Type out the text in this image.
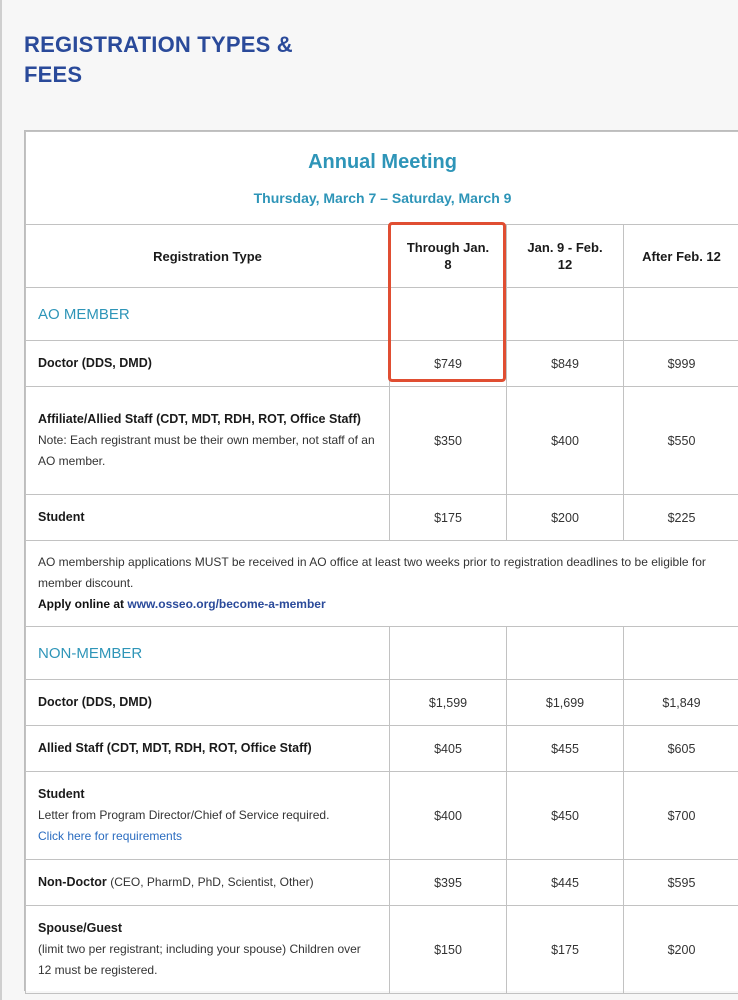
REGISTRATION TYPES & FEES
Annual Meeting
Thursday, March 7 – Saturday, March 9			

Registration Type	Through Jan. 8	Jan. 9 - Feb. 12	After Feb. 12
AO MEMBER			
Doctor (DDS, DMD)	$749	$849	$999
Affiliate/Allied Staff (CDT, MDT, RDH, ROT, Office Staff)
Note: Each registrant must be their own member, not staff of an AO member.	$350	$400	$550
Student	$175	$200	$225
AO membership applications MUST be received in AO office at least two weeks prior to registration deadlines to be eligible for member discount.
Apply online at www.osseo.org/become-a-member			
NON-MEMBER			
Doctor (DDS, DMD)	$1,599	$1,699	$1,849
Allied Staff (CDT, MDT, RDH, ROT, Office Staff)	$405	$455	$605
Student
Letter from Program Director/Chief of Service required.
Click here for requirements	$400	$450	$700
Non-Doctor (CEO, PharmD, PhD, Scientist, Other)	$395	$445	$595
Spouse/Guest
(limit two per registrant; including your spouse) Children over 12 must be registered.	$150	$175	$200
